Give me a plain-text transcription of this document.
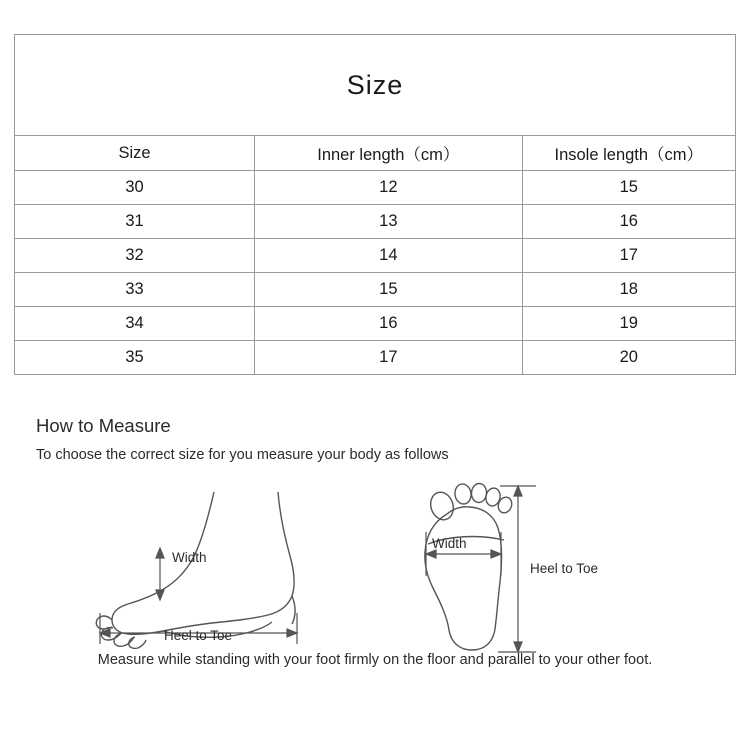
Size		
Size	Inner length（cm）	Insole length（cm）
30	12	15
31	13	16
32	14	17
33	15	18
34	16	19
35	17	20

How to Measure

To choose the correct size for you measure your body as follows

Width
Heel to Toe
Width
Heel to Toe
Measure while standing with your foot firmly on the floor and parallel to your other foot.
